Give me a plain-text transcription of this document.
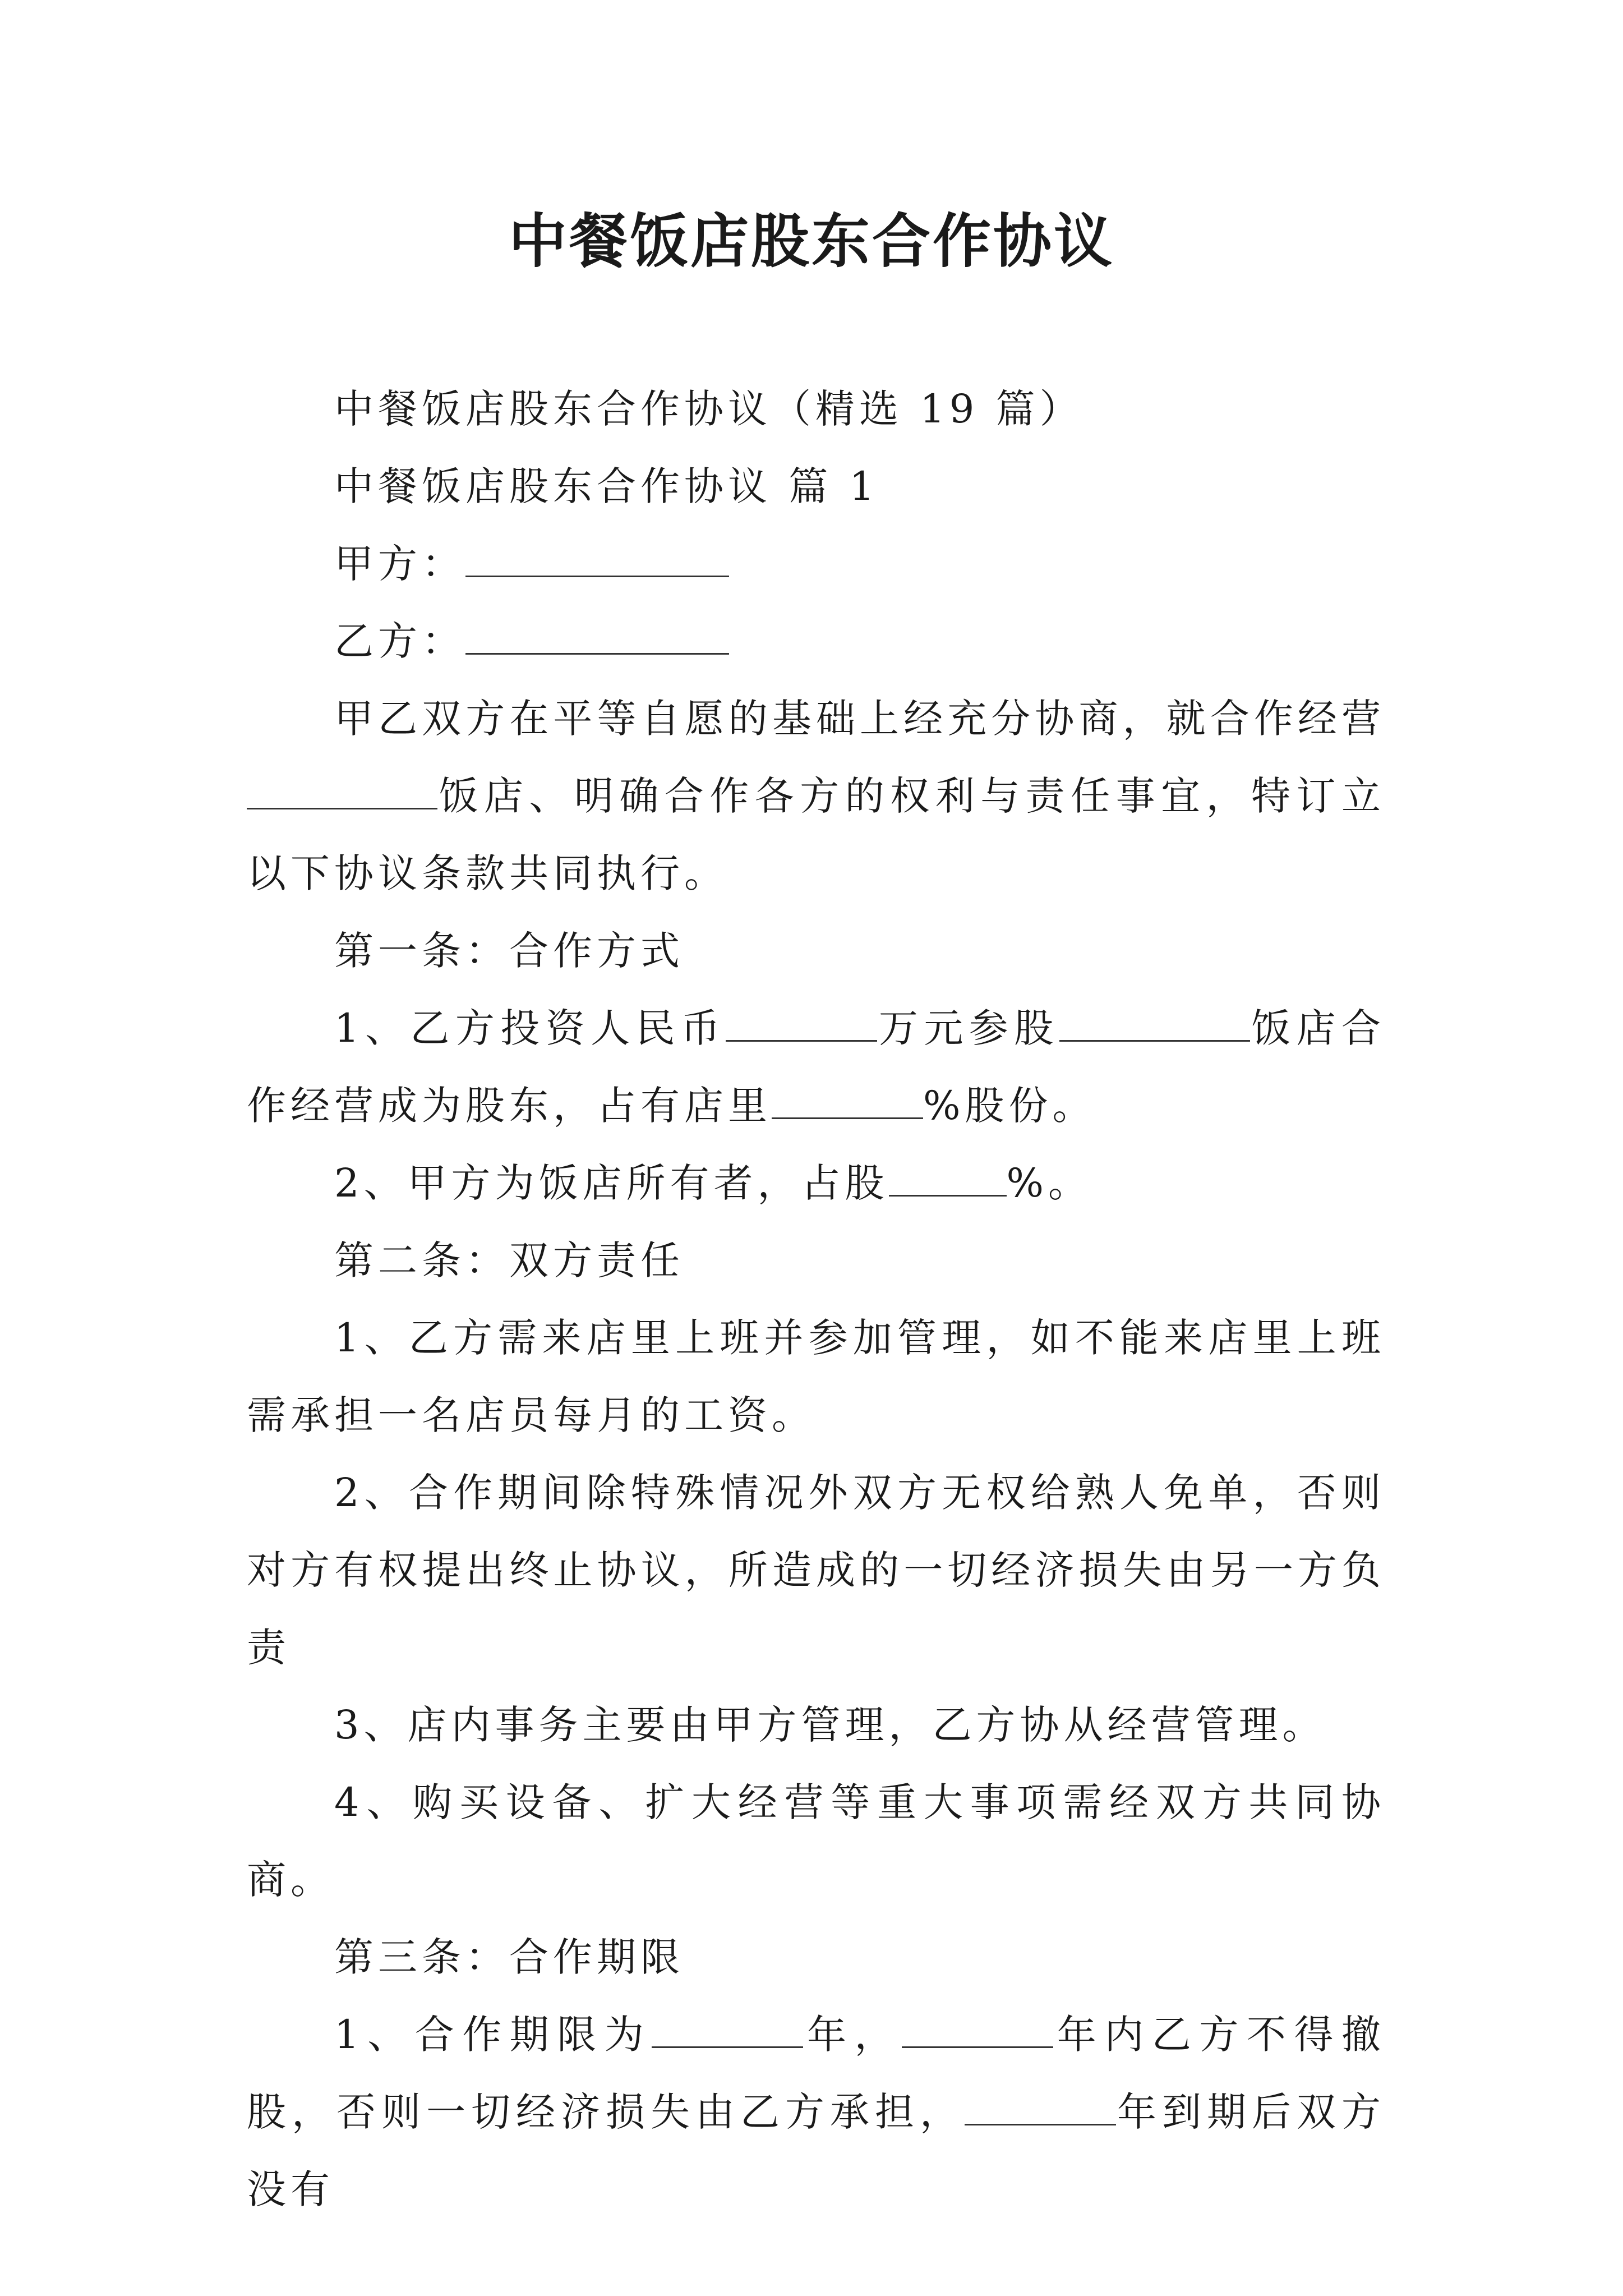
中餐饭店股东合作协议

中餐饭店股东合作协议（精选 19 篇）

中餐饭店股东合作协议 篇 1

甲方：

乙方：

甲乙双方在平等自愿的基础上经充分协商，就合作经营饭店、明确合作各方的权利与责任事宜，特订立以下协议条款共同执行。

第一条：合作方式

1、乙方投资人民币	万元参股	饭店合作经营成为股东，占有店里	%股份。

2、甲方为饭店所有者，占股	%。

第二条：双方责任

1、乙方需来店里上班并参加管理，如不能来店里上班需承担一名店员每月的工资。

2、合作期间除特殊情况外双方无权给熟人免单，否则对方有权提出终止协议，所造成的一切经济损失由另一方负责

3、店内事务主要由甲方管理，乙方协从经营管理。

4、购买设备、扩大经营等重大事项需经双方共同协商。

第三条：合作期限

1、合作期限为	年，	年内乙方不得撤股，否则一切经济损失由乙方承担，	年到期后双方没有
